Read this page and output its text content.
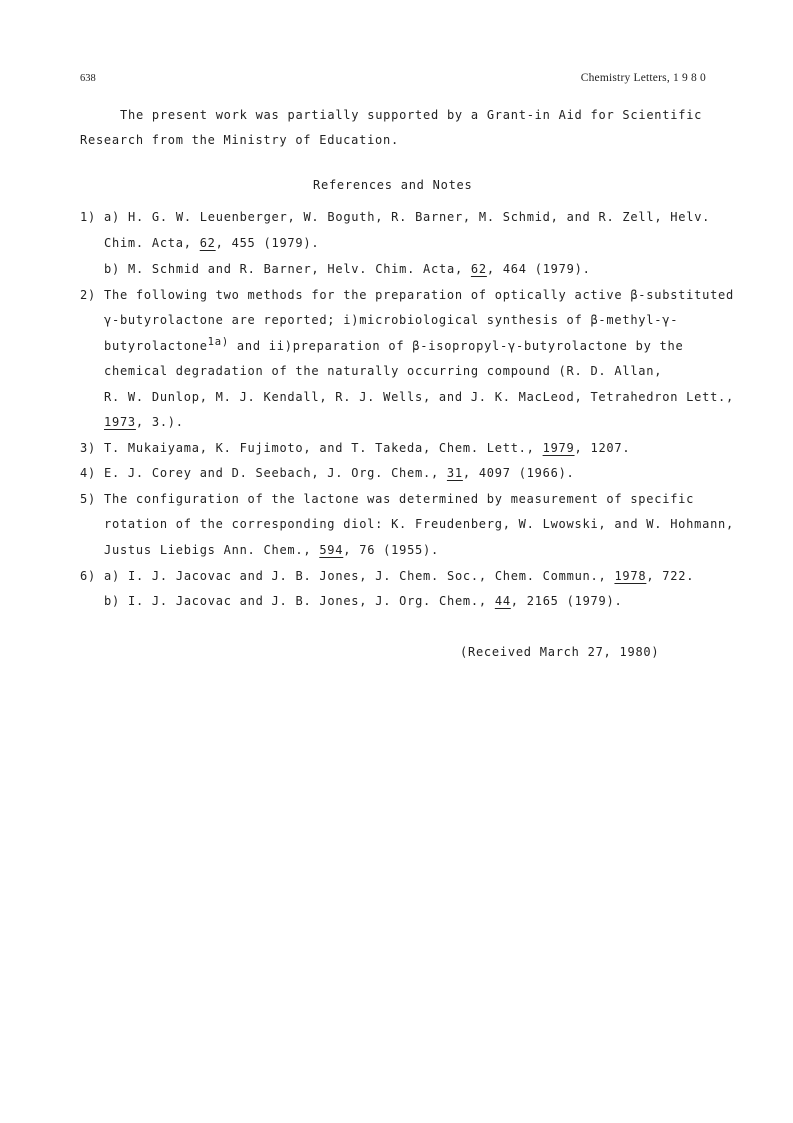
638	Chemistry Letters, 1 9 8 0
The present work was partially supported by a Grant-in Aid for Scientific
Research from the Ministry of Education.
References and Notes
1) a) H. G. W. Leuenberger, W. Boguth, R. Barner, M. Schmid, and R. Zell, Helv.
Chim. Acta, 62, 455 (1979).
b) M. Schmid and R. Barner, Helv. Chim. Acta, 62, 464 (1979).
2) The following two methods for the preparation of optically active β-substituted
γ-butyrolactone are reported; i)microbiological synthesis of β-methyl-γ-
butyrolactone$^{1a)}$ and ii)preparation of β-isopropyl-γ-butyrolactone by the
chemical degradation of the naturally occurring compound (R. D. Allan,
R. W. Dunlop, M. J. Kendall, R. J. Wells, and J. K. MacLeod, Tetrahedron Lett.,
1973, 3.).
3) T. Mukaiyama, K. Fujimoto, and T. Takeda, Chem. Lett., 1979, 1207.
4) E. J. Corey and D. Seebach, J. Org. Chem., 31, 4097 (1966).
5) The configuration of the lactone was determined by measurement of specific
rotation of the corresponding diol: K. Freudenberg, W. Lwowski, and W. Hohmann,
Justus Liebigs Ann. Chem., 594, 76 (1955).
6) a) I. J. Jacovac and J. B. Jones, J. Chem. Soc., Chem. Commun., 1978, 722.
b) I. J. Jacovac and J. B. Jones, J. Org. Chem., 44, 2165 (1979).
(Received March 27, 1980)
